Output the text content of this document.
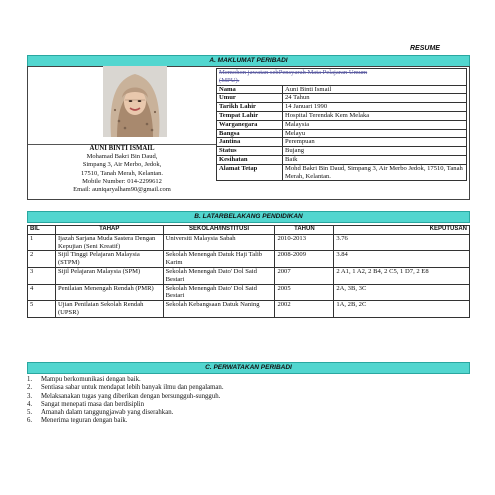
RESUME
A. MAKLUMAT PERIBADI
AUNI BINTI ISMAIL
Mohamad Bakri Bin Daud,
Simpang 3, Air Merbo, Jedok,
17510, Tanah Merah, Kelantan.
Mobile Number: 014-2299612
Email: auniqaryalham90@gmail.com
Memohon jawatan sebPensyarah Mata Pelajaran Umum
(MPU).	

Nama	Auni Binti Ismail
Umur	24 Tahun
Tarikh Lahir	14 Januari 1990
Tempat Lahir	Hospital Terendak Kem Melaka
Warganegara	Malaysia
Bangsa	Melayu
Jantina	Perempuan
Status	Bujang
Kesihatan	Baik
Alamat Tetap	Mohd Bakri Bin Daud, Simpang 3, Air Merbo Jedok, 17510, Tanah Merah, Kelantan.
B. LATARBELAKANG PENDIDIKAN
BIL	TAHAP	SEKOLAH/INSTITUSI	TAHUN	KEPUTUSAN
1	Ijazah Sarjana Muda Sastera Dengan Kepujian (Seni Kreatif)	Universiti Malaysia Sabah	2010-2013	3.76
2	Sijil Tinggi Pelajaran Malaysia (STPM)	Sekolah Menengah Datuk Haji Talib Karim	2008-2009	3.84
3	Sijil Pelajaran Malaysia (SPM)	Sekolah Menengah Dato' Dol Said Bestari	2007	2 A1, 1 A2, 2 B4, 2 C5, 1 D7, 2 E8
4	Penilaian Menengah Rendah (PMR)	Sekolah Menengah Dato' Dol Said Bestari	2005	2A, 3B, 3C
5	Ujian Penilaian Sekolah Rendah (UPSR)	Sekolah Kebangsaan Datuk Naning	2002	1A, 2B, 2C
C. PERWATAKAN PERIBADI
1.	Mampu berkomunikasi dengan baik.
2.	Sentiasa sabar untuk mendapat lebih banyak ilmu dan pengalaman.
3.	Melaksanakan tugas yang diberikan dengan bersungguh-sungguh.
4.	Sangat menepati masa dan berdisiplin
5.	Amanah dalam tanggungjawab yang diserahkan.
6.	Menerima teguran dengan baik.
